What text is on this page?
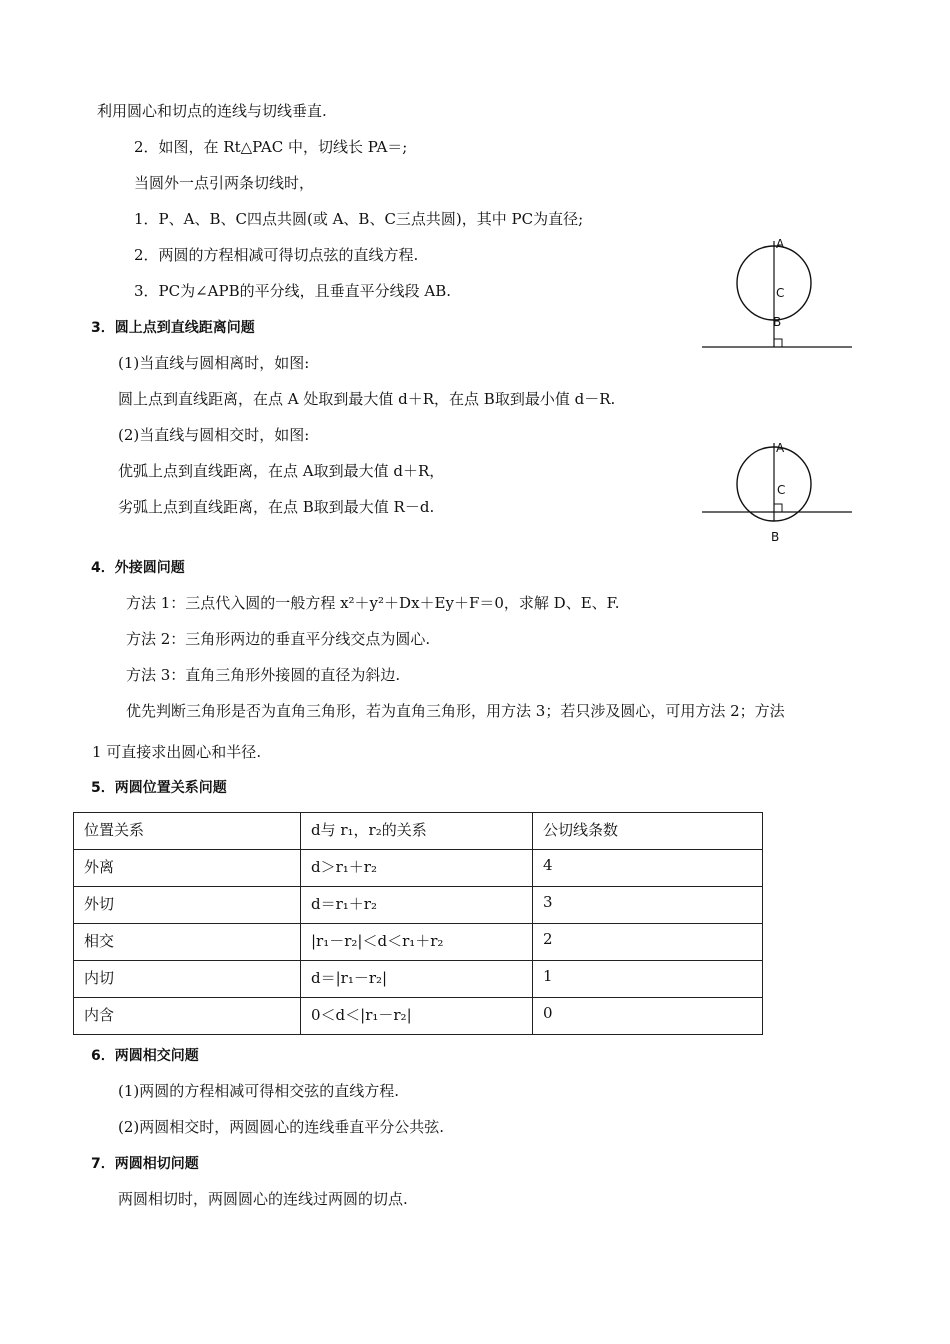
利用圆心和切点的连线与切线垂直.
2．如图，在 Rt△PAC 中，切线长 PA＝;
当圆外一点引两条切线时，
1．P、A、B、C四点共圆(或 A、B、C三点共圆)，其中 PC为直径;
2．两圆的方程相减可得切点弦的直线方程.
3．PC为∠APB的平分线，且垂直平分线段 AB.
3．圆上点到直线距离问题
(1)当直线与圆相离时，如图:
圆上点到直线距离，在点 A 处取到最大值 d＋R，在点 B取到最小值 d－R.
(2)当直线与圆相交时，如图:
优弧上点到直线距离，在点 A取到最大值 d＋R，
劣弧上点到直线距离，在点 B取到最大值 R－d.
A
C
B
A
C
B
4．外接圆问题
方法 1：三点代入圆的一般方程 x²＋y²＋Dx＋Ey＋F＝0，求解 D、E、F.
方法 2：三角形两边的垂直平分线交点为圆心.
方法 3：直角三角形外接圆的直径为斜边.
优先判断三角形是否为直角三角形，若为直角三角形，用方法 3；若只涉及圆心，可用方法 2；方法
1 可直接求出圆心和半径.
5．两圆位置关系问题
位置关系	d与 r₁，r₂的关系	公切线条数
外离	d＞r₁＋r₂	4
外切	d＝r₁＋r₂	3
相交	|r₁－r₂|＜d＜r₁＋r₂	2
内切	d＝|r₁－r₂|	1
内含	0＜d＜|r₁－r₂|	0
6．两圆相交问题
(1)两圆的方程相减可得相交弦的直线方程.
(2)两圆相交时，两圆圆心的连线垂直平分公共弦.
7．两圆相切问题
两圆相切时，两圆圆心的连线过两圆的切点.
